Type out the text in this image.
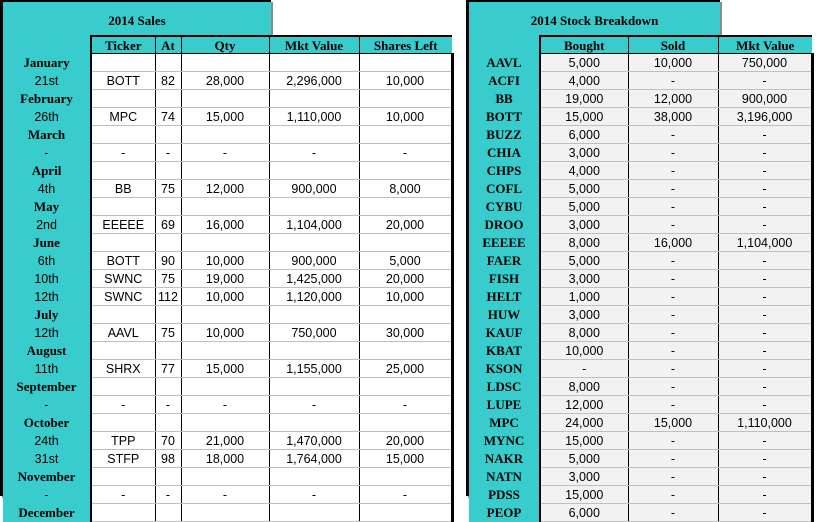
2014 Sales
	Ticker	At	Qty	Mkt Value	Shares Left
January					
21st	BOTT	82	28,000	2,296,000	10,000
February					
26th	MPC	74	15,000	1,110,000	10,000
March					
-	-	-	-	-	-
April					
4th	BB	75	12,000	900,000	8,000
May					
2nd	EEEEE	69	16,000	1,104,000	20,000
June					
6th	BOTT	90	10,000	900,000	5,000
10th	SWNC	75	19,000	1,425,000	20,000
12th	SWNC	112	10,000	1,120,000	10,000
July					
12th	AAVL	75	10,000	750,000	30,000
August					
11th	SHRX	77	15,000	1,155,000	25,000
September					
-	-	-	-	-	-
October					
24th	TPP	70	21,000	1,470,000	20,000
31st	STFP	98	18,000	1,764,000	15,000
November					
-	-	-	-	-	-
December					
2014 Stock Breakdown
	Bought	Sold	Mkt Value
AAVL	5,000	10,000	750,000
ACFI	4,000	-	-
BB	19,000	12,000	900,000
BOTT	15,000	38,000	3,196,000
BUZZ	6,000	-	-
CHIA	3,000	-	-
CHPS	4,000	-	-
COFL	5,000	-	-
CYBU	5,000	-	-
DROO	3,000	-	-
EEEEE	8,000	16,000	1,104,000
FAER	5,000	-	-
FISH	3,000	-	-
HELT	1,000	-	-
HUW	3,000	-	-
KAUF	8,000	-	-
KBAT	10,000	-	-
KSON	-	-	-
LDSC	8,000	-	-
LUPE	12,000	-	-
MPC	24,000	15,000	1,110,000
MYNC	15,000	-	-
NAKR	5,000	-	-
NATN	3,000	-	-
PDSS	15,000	-	-
PEOP	6,000	-	-
